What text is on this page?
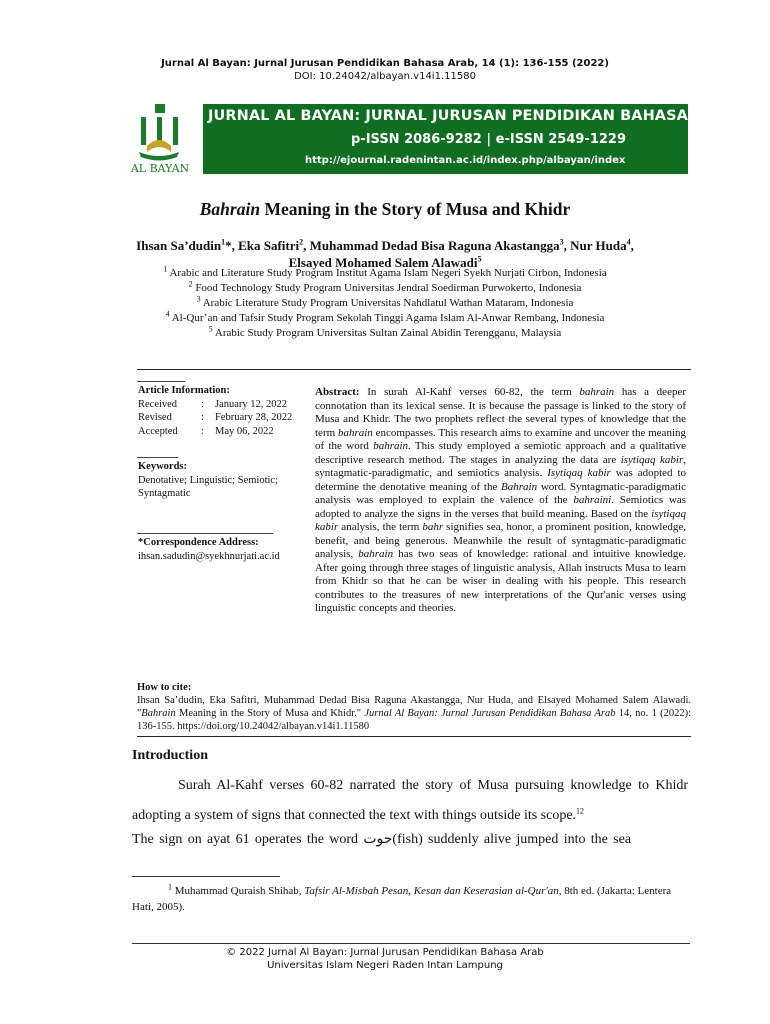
Jurnal Al Bayan: Jurnal Jurusan Pendidikan Bahasa Arab, 14 (1): 136-155 (2022)
DOI: 10.24042/albayan.v14i1.11580
AL BAYAN
JURNAL AL BAYAN: JURNAL JURUSAN PENDIDIKAN BAHASA ARAB
p-ISSN 2086-9282 | e-ISSN 2549-1229
http://ejournal.radenintan.ac.id/index.php/albayan/index
Bahrain Meaning in the Story of Musa and Khidr
Ihsan Sa’dudin$^1$*, Eka Safitri$^2$, Muhammad Dedad Bisa Raguna Akastangga$^3$, Nur Huda$^4$,
Elsayed Mohamed Salem Alawadi$^5$
$^1$ Arabic and Literature Study Program Institut Agama Islam Negeri Syekh Nurjati Cirbon, Indonesia
$^2$ Food Technology Study Program Universitas Jendral Soedirman Purwokerto, Indonesia
$^3$ Arabic Literature Study Program Universitas Nahdlatul Wathan Mataram, Indonesia
$^4$ Al-Qur’an and Tafsir Study Program Sekolah Tinggi Agama Islam Al-Anwar Rembang, Indonesia
$^5$ Arabic Study Program Universitas Sultan Zainal Abidin Terengganu, Malaysia
Article Information:
Received	:	January 12, 2022
Revised	:	February 28, 2022
Accepted	:	May 06, 2022
Keywords:
Denotative; Linguistic; Semiotic; Syntagmatic
*Correspondence Address:
ihsan.sadudin@syekhnurjati.ac.id
Abstract: In surah Al-Kahf verses 60-82, the term bahrain has a deeper connotation than its lexical sense. It is because the passage is linked to the story of Musa and Khidr. The two prophets reflect the several types of knowledge that the term bahrain encompasses. This research aims to examine and uncover the meaning of the word bahrain. This study employed a semiotic approach and a qualitative descriptive research method. The stages in analyzing the data are isytiqaq kabir, syntagmatic-paradigmatic, and semiotics analysis. Isytiqaq kabir was adopted to determine the denotative meaning of the Bahrain word. Syntagmatic-paradigmatic analysis was employed to explain the valence of the bahraini. Semiotics was adopted to analyze the signs in the verses that build meaning. Based on the isytiqaq kabir analysis, the term bahr signifies sea, honor, a prominent position, knowledge, benefit, and being generous. Meanwhile the result of syntagmatic-paradigmatic analysis, bahrain has two seas of knowledge: rational and intuitive knowledge. After going through three stages of linguistic analysis, Allah instructs Musa to learn from Khidr so that he can be wiser in dealing with his people. This research contributes to the treasures of new interpretations of the Qur'anic verses using linguistic concepts and theories.
How to cite:
Ihsan Sa’dudin, Eka Safitri, Muhammad Dedad Bisa Raguna Akastangga, Nur Huda, and Elsayed Mohamed Salem Alawadi. "Bahrain Meaning in the Story of Musa and Khidr." Jurnal Al Bayan: Jurnal Jurusan Pendidikan Bahasa Arab 14, no. 1 (2022): 136-155. https://doi.org/10.24042/albayan.v14i1.11580
Introduction
Surah Al-Kahf verses 60-82 narrated the story of Musa pursuing knowledge to Khidr adopting a system of signs that connected the text with things outside its scope.$^{12}$
The sign on ayat 61 operates the word حوت(fish) suddenly alive jumped into the sea
$^1$ Muhammad Quraish Shihab, Tafsir Al-Misbah Pesan, Kesan dan Keserasian al-Qur'an, 8th ed. (Jakarta: Lentera Hati, 2005).
© 2022 Jurnal Al Bayan: Jurnal Jurusan Pendidikan Bahasa Arab
Universitas Islam Negeri Raden Intan Lampung
